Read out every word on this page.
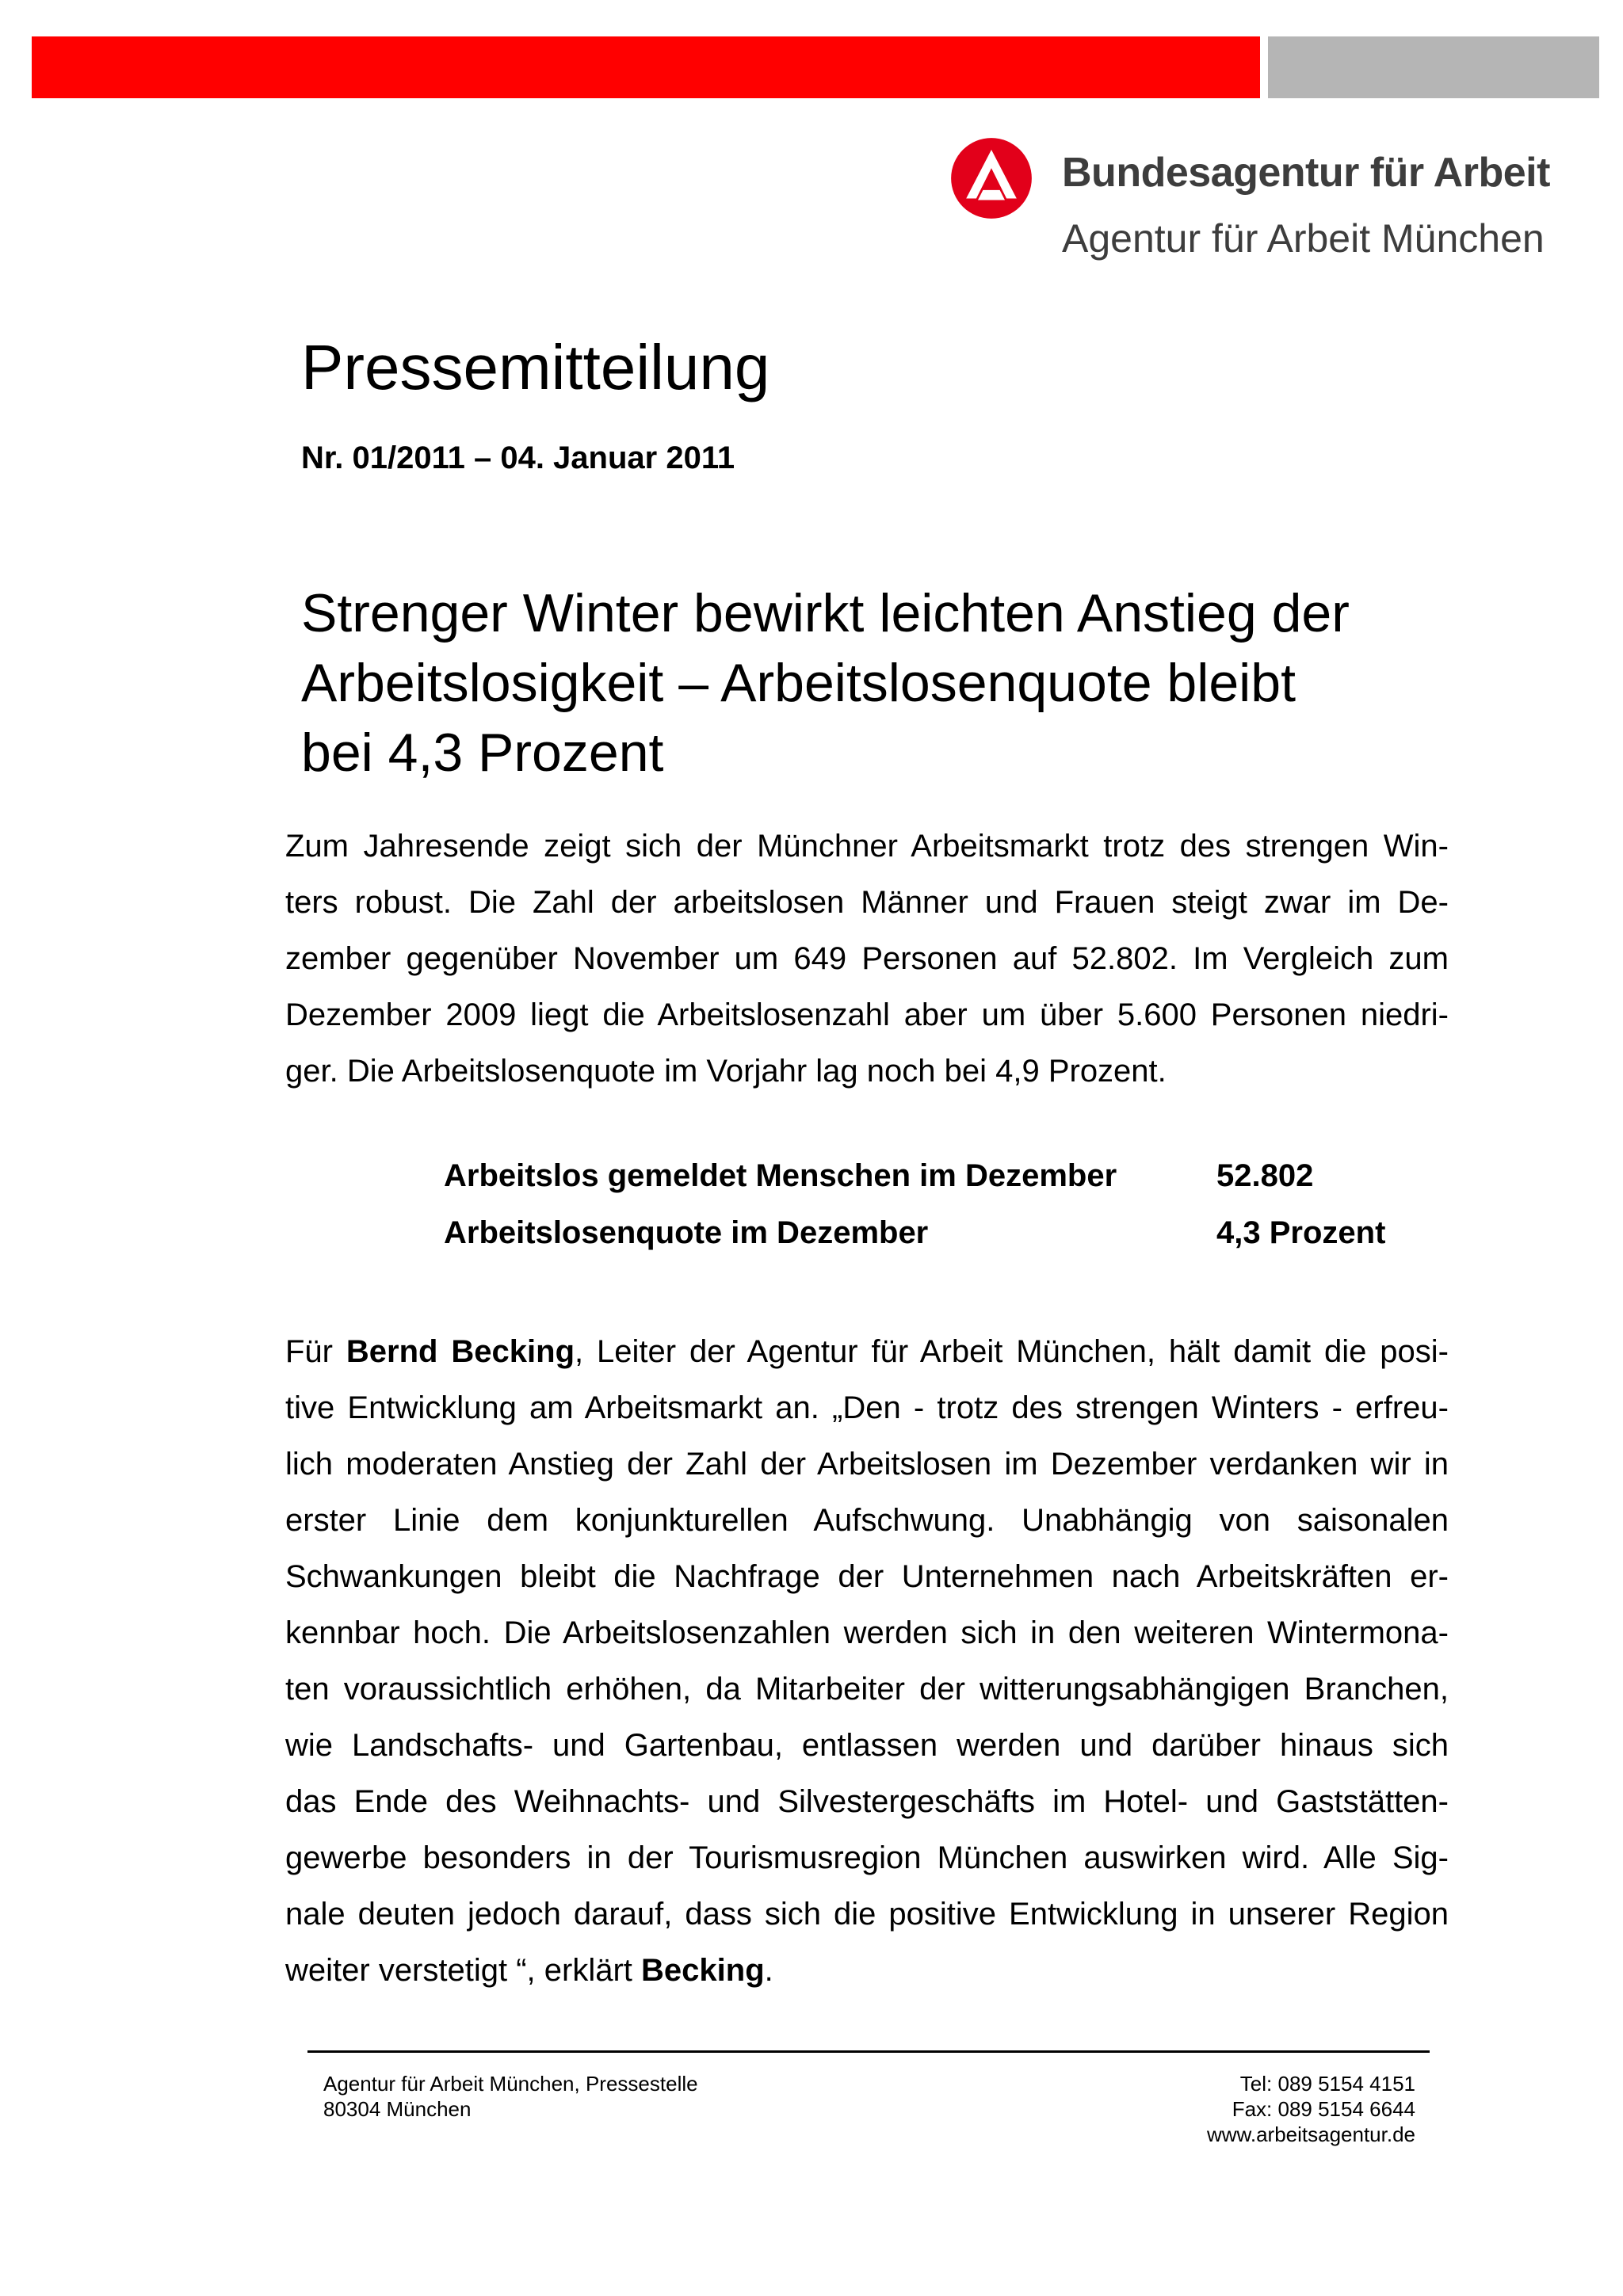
Bundesagentur für Arbeit
Agentur für Arbeit München
Pressemitteilung
Nr. 01/2011 – 04. Januar 2011
Strenger Winter bewirkt leichten Anstieg der
Arbeitslosigkeit – Arbeitslosenquote bleibt
bei 4,3 Prozent
Zum Jahresende zeigt sich der Münchner Arbeitsmarkt trotz des strengen Win-
ters robust. Die Zahl der arbeitslosen Männer und Frauen steigt zwar im De-
zember gegenüber November um 649 Personen auf 52.802. Im Vergleich zum
Dezember 2009 liegt die Arbeitslosenzahl aber um über 5.600 Personen niedri-
ger. Die Arbeitslosenquote im Vorjahr lag noch bei 4,9 Prozent.
Arbeitslos gemeldet Menschen im Dezember	52.802
Arbeitslosenquote im Dezember	4,3 Prozent
Für Bernd Becking, Leiter der Agentur für Arbeit München, hält damit die posi-
tive Entwicklung am Arbeitsmarkt an. „Den - trotz des strengen Winters - erfreu-
lich moderaten Anstieg der Zahl der Arbeitslosen im Dezember verdanken wir in
erster Linie dem konjunkturellen Aufschwung. Unabhängig von saisonalen
Schwankungen bleibt die Nachfrage der Unternehmen nach Arbeitskräften er-
kennbar hoch. Die Arbeitslosenzahlen werden sich in den weiteren Wintermona-
ten voraussichtlich erhöhen, da Mitarbeiter der witterungsabhängigen Branchen,
wie Landschafts- und Gartenbau, entlassen werden und darüber hinaus sich
das Ende des Weihnachts- und Silvestergeschäfts im Hotel- und Gaststätten-
gewerbe besonders in der Tourismusregion München auswirken wird. Alle Sig-
nale deuten jedoch darauf, dass sich die positive Entwicklung in unserer Region
weiter verstetigt “, erklärt Becking.
Agentur für Arbeit München, Pressestelle
80304 München
Tel: 089 5154 4151
Fax: 089 5154 6644
www.arbeitsagentur.de
